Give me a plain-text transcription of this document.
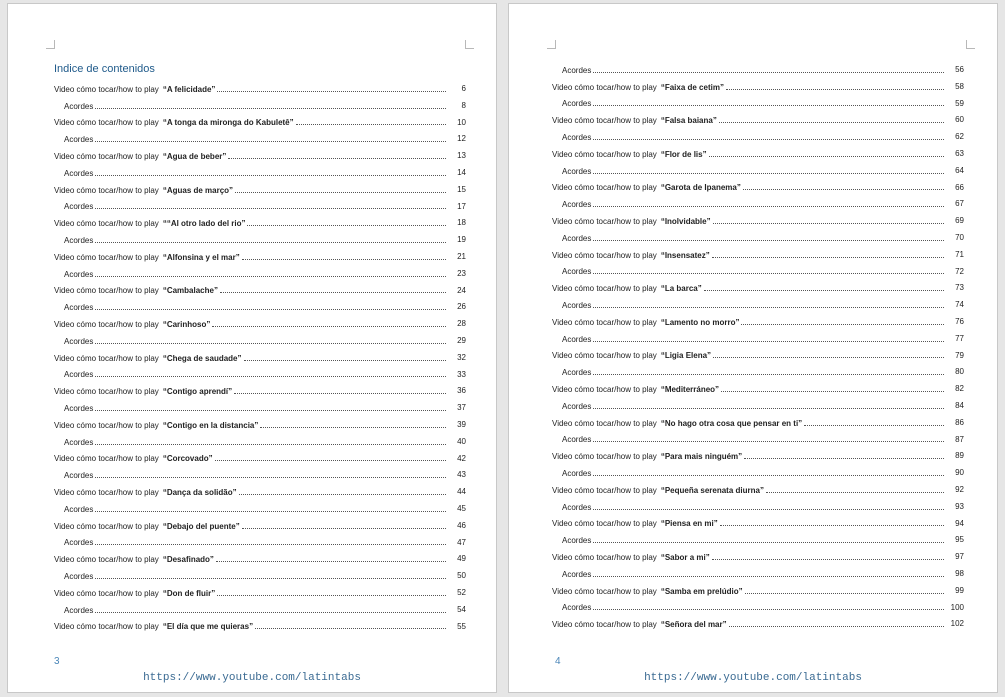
Indice de contenidos
Video cómo tocar/how to play “A felicidade”	6
Acordes	8
Video cómo tocar/how to play “A tonga da mironga do Kabuletê”	10
Acordes	12
Video cómo tocar/how to play “Agua de beber”	13
Acordes	14
Video cómo tocar/how to play “Aguas de março”	15
Acordes	17
Video cómo tocar/how to play ““Al otro lado del rio”	18
Acordes	19
Video cómo tocar/how to play “Alfonsina y el mar”	21
Acordes	23
Video cómo tocar/how to play “Cambalache”	24
Acordes	26
Video cómo tocar/how to play “Carinhoso”	28
Acordes	29
Video cómo tocar/how to play “Chega de saudade”	32
Acordes	33
Video cómo tocar/how to play “Contigo aprendí”	36
Acordes	37
Video cómo tocar/how to play “Contigo en la distancia”	39
Acordes	40
Video cómo tocar/how to play “Corcovado”	42
Acordes	43
Video cómo tocar/how to play “Dança da solidão”	44
Acordes	45
Video cómo tocar/how to play “Debajo del puente”	46
Acordes	47
Video cómo tocar/how to play “Desafinado”	49
Acordes	50
Video cómo tocar/how to play “Don de fluir”	52
Acordes	54
Video cómo tocar/how to play “El día que me quieras”	55
3
https://www.youtube.com/latintabs
Acordes	56
Video cómo tocar/how to play “Faixa de cetim”	58
Acordes	59
Video cómo tocar/how to play “Falsa baiana”	60
Acordes	62
Video cómo tocar/how to play “Flor de lis”	63
Acordes	64
Video cómo tocar/how to play “Garota de Ipanema”	66
Acordes	67
Video cómo tocar/how to play “Inolvidable”	69
Acordes	70
Video cómo tocar/how to play “Insensatez”	71
Acordes	72
Video cómo tocar/how to play “La barca”	73
Acordes	74
Video cómo tocar/how to play “Lamento no morro”	76
Acordes	77
Video cómo tocar/how to play “Ligia Elena”	79
Acordes	80
Video cómo tocar/how to play “Mediterráneo”	82
Acordes	84
Video cómo tocar/how to play “No hago otra cosa que pensar en ti”	86
Acordes	87
Video cómo tocar/how to play “Para mais ninguém”	89
Acordes	90
Video cómo tocar/how to play “Pequeña serenata diurna”	92
Acordes	93
Video cómo tocar/how to play “Piensa en mi”	94
Acordes	95
Video cómo tocar/how to play “Sabor a mi”	97
Acordes	98
Video cómo tocar/how to play “Samba em prelúdio”	99
Acordes	100
Video cómo tocar/how to play “Señora del mar”	102
4
https://www.youtube.com/latintabs
